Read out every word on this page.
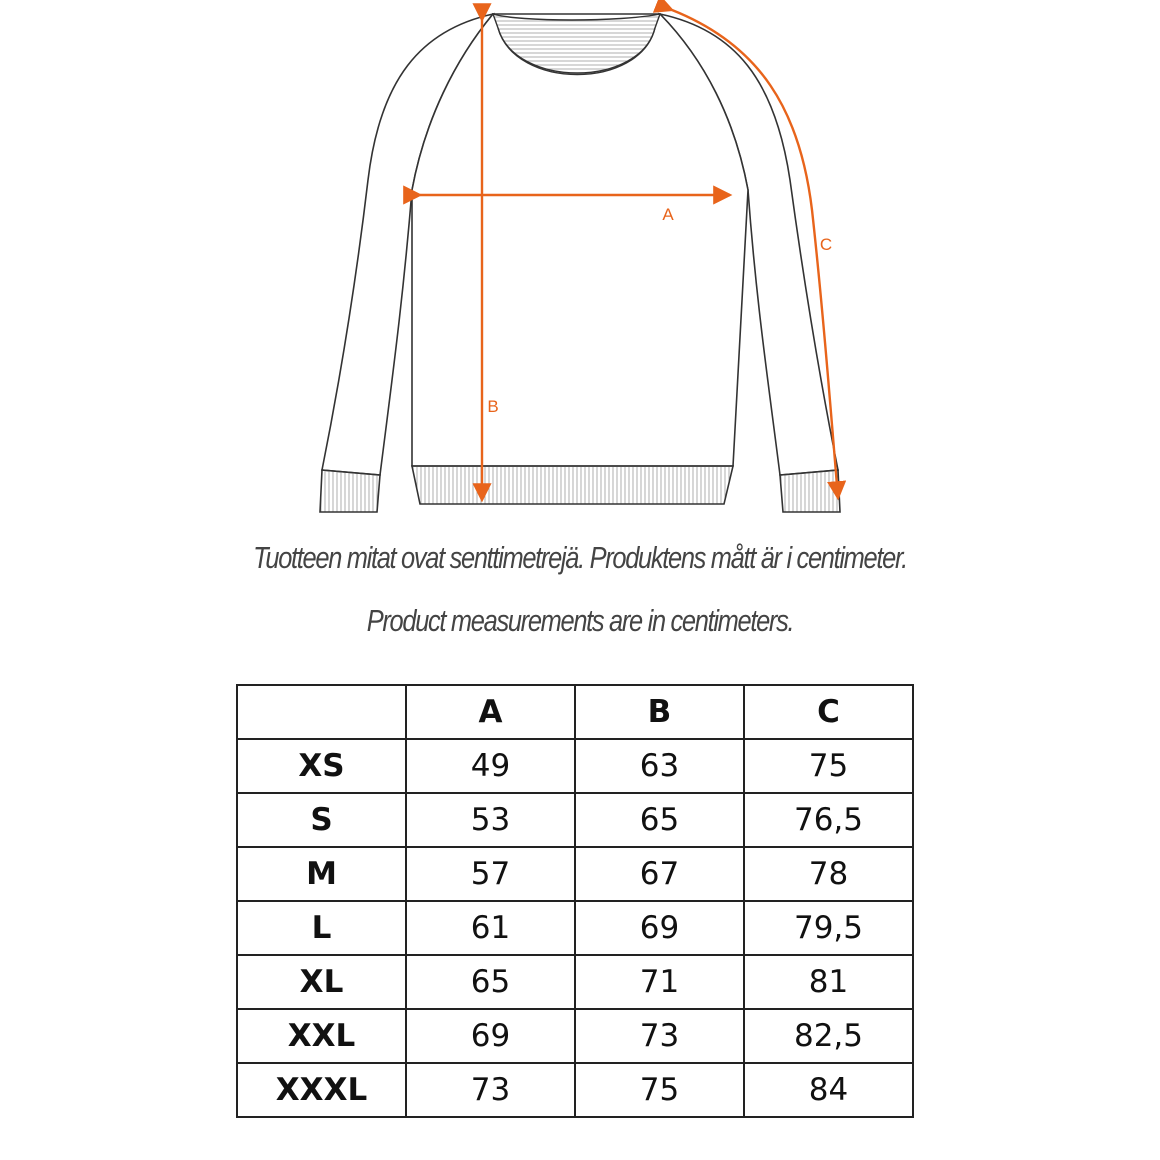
A
B
C
Tuotteen mitat ovat senttimetrejä. Produktens mått är i centimeter.
Product measurements are in centimeters.
	A	B	C
XS	49	63	75
S	53	65	76,5
M	57	67	78
L	61	69	79,5
XL	65	71	81
XXL	69	73	82,5
XXXL	73	75	84
